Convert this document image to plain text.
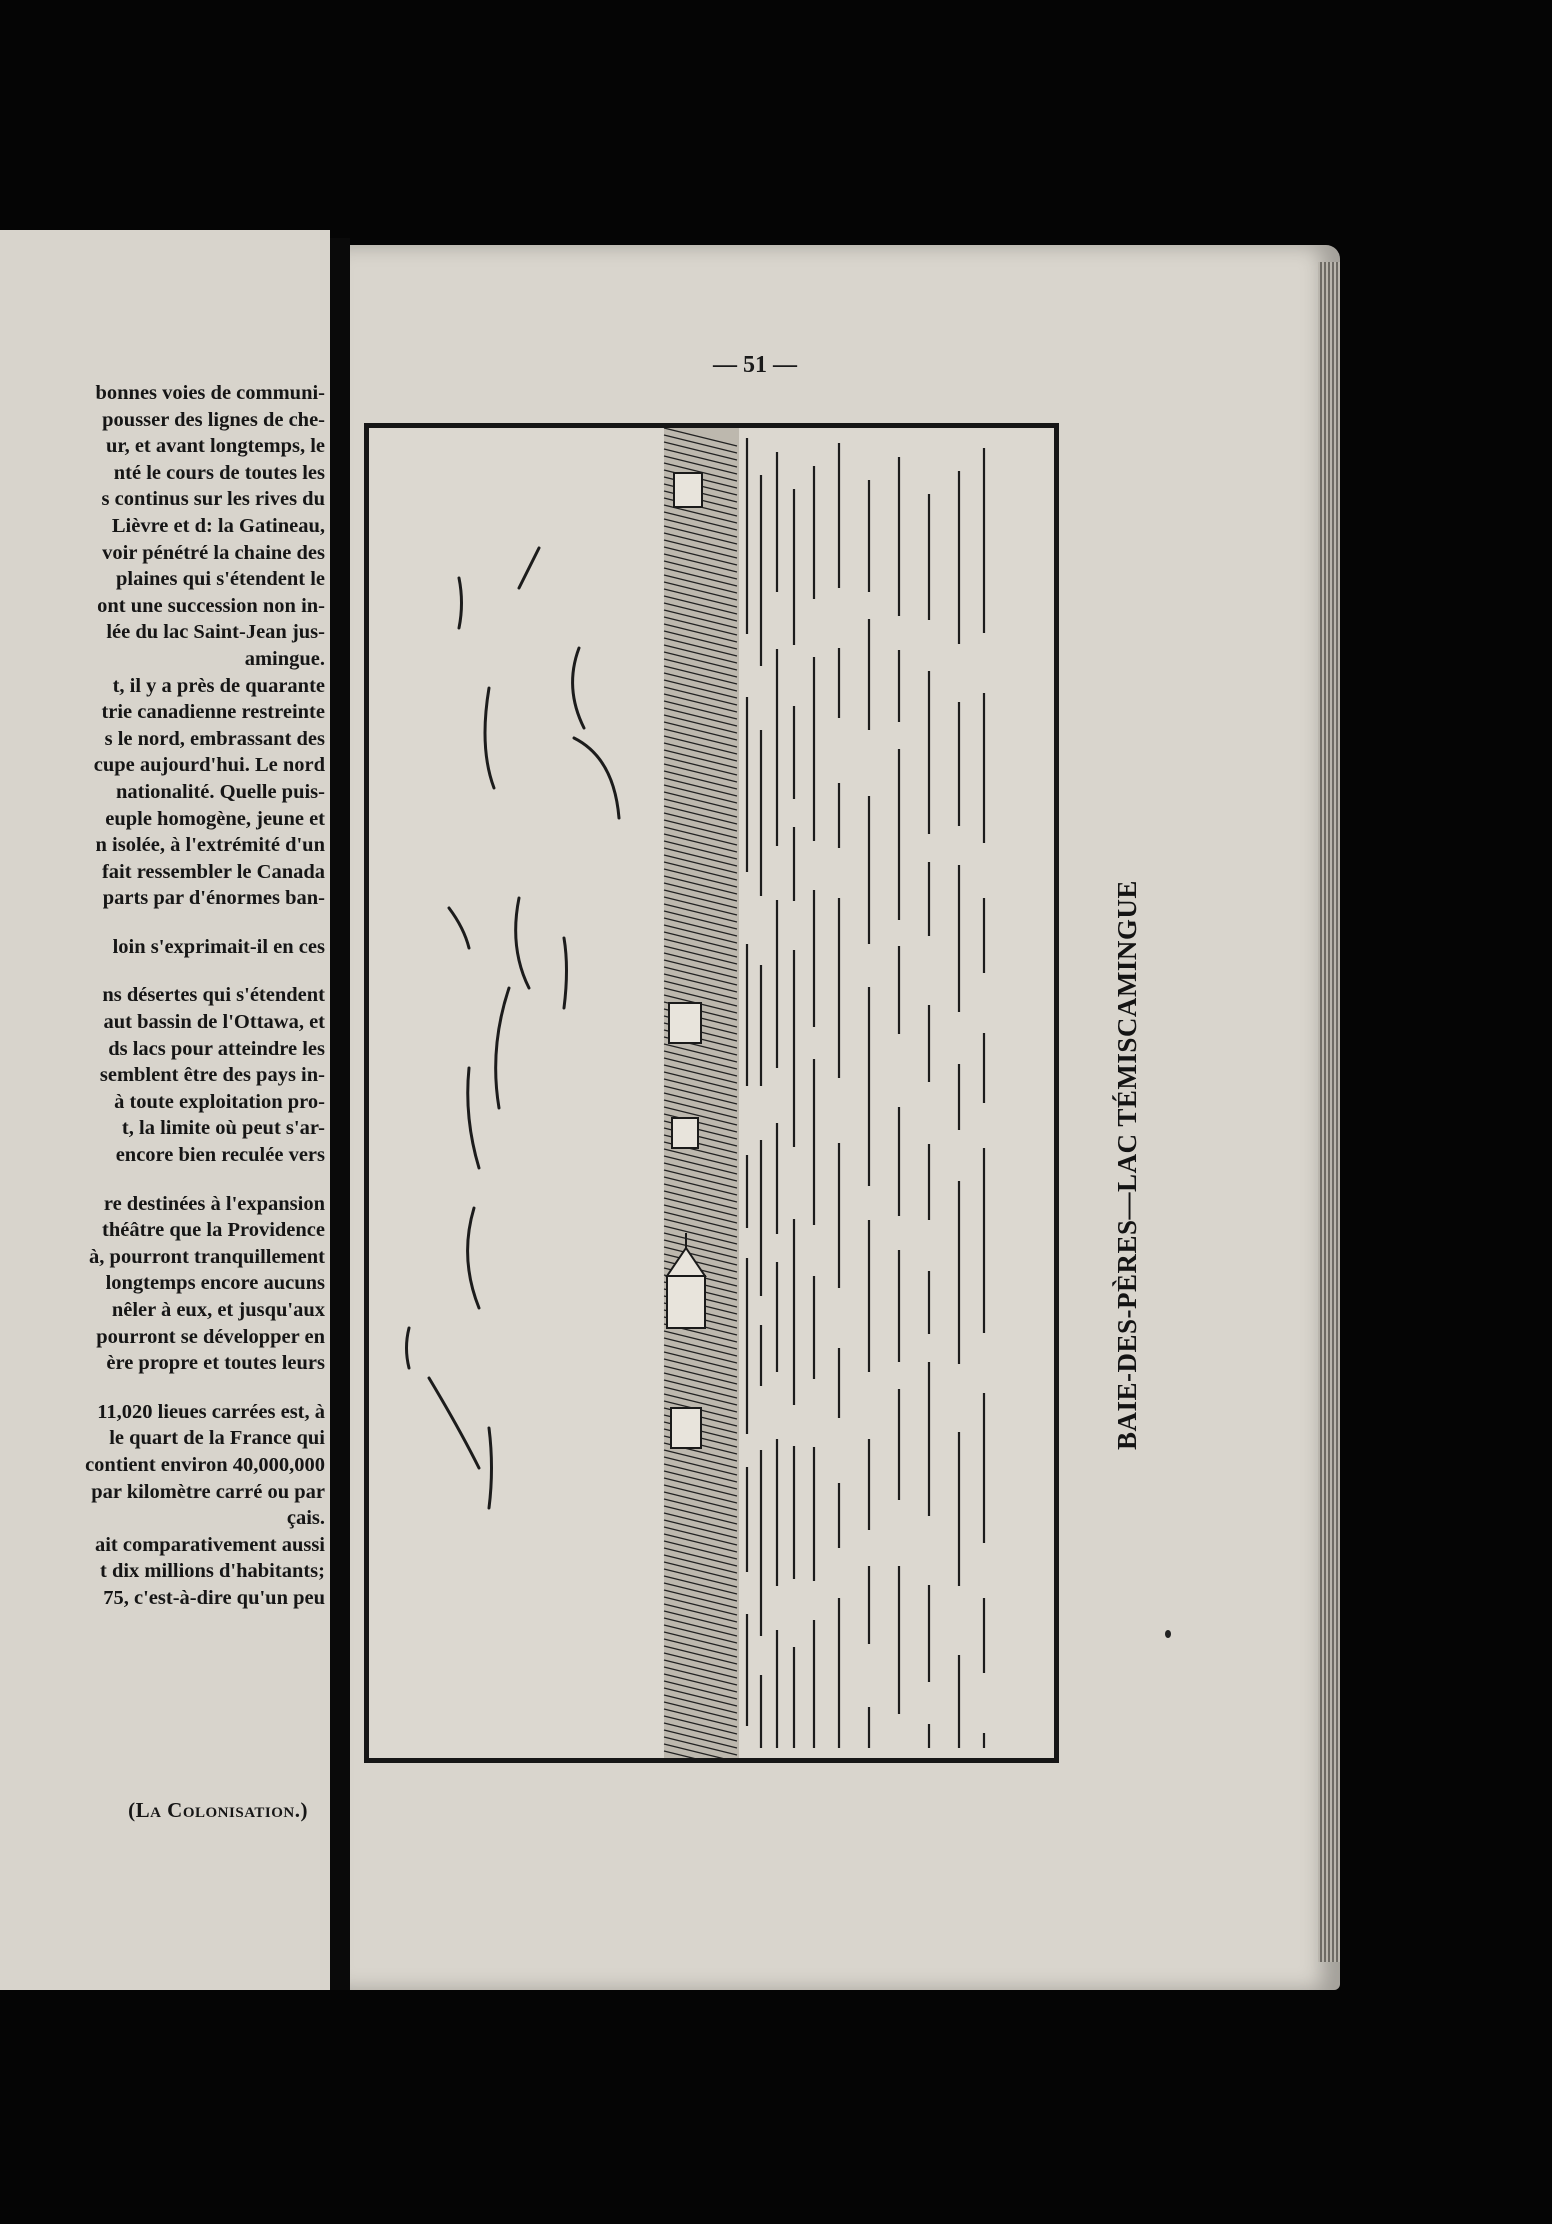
bonnes voies de communi-
pousser des lignes de che-
ur, et avant longtemps, le
nté le cours de toutes les
s continus sur les rives du
Lièvre et d: la Gatineau,
voir pénétré la chaine des
plaines qui s'étendent le
ont une succession non in-
lée du lac Saint-Jean jus-
amingue.
t, il y a près de quarante
trie canadienne restreinte
s le nord, embrassant des
cupe aujourd'hui. Le nord
nationalité. Quelle puis-
euple homogène, jeune et
n isolée, à l'extrémité d'un
fait ressembler le Canada
parts par d'énormes ban-
loin s'exprimait-il en ces
ns désertes qui s'étendent
aut bassin de l'Ottawa, et
ds lacs pour atteindre les
semblent être des pays in-
à toute exploitation pro-
t, la limite où peut s'ar-
encore bien reculée vers
re destinées à l'expansion
théâtre que la Providence
à, pourront tranquillement
longtemps encore aucuns
nêler à eux, et jusqu'aux
pourront se développer en
ère propre et toutes leurs
11,020 lieues carrées est, à
le quart de la France qui
contient environ 40,000,000
par kilomètre carré ou par
çais.
ait comparativement aussi
t dix millions d'habitants;
75, c'est-à-dire qu'un peu
(La Colonisation.)
— 51 —
BAIE-DES-PÈRES—LAC TÉMISCAMINGUE
